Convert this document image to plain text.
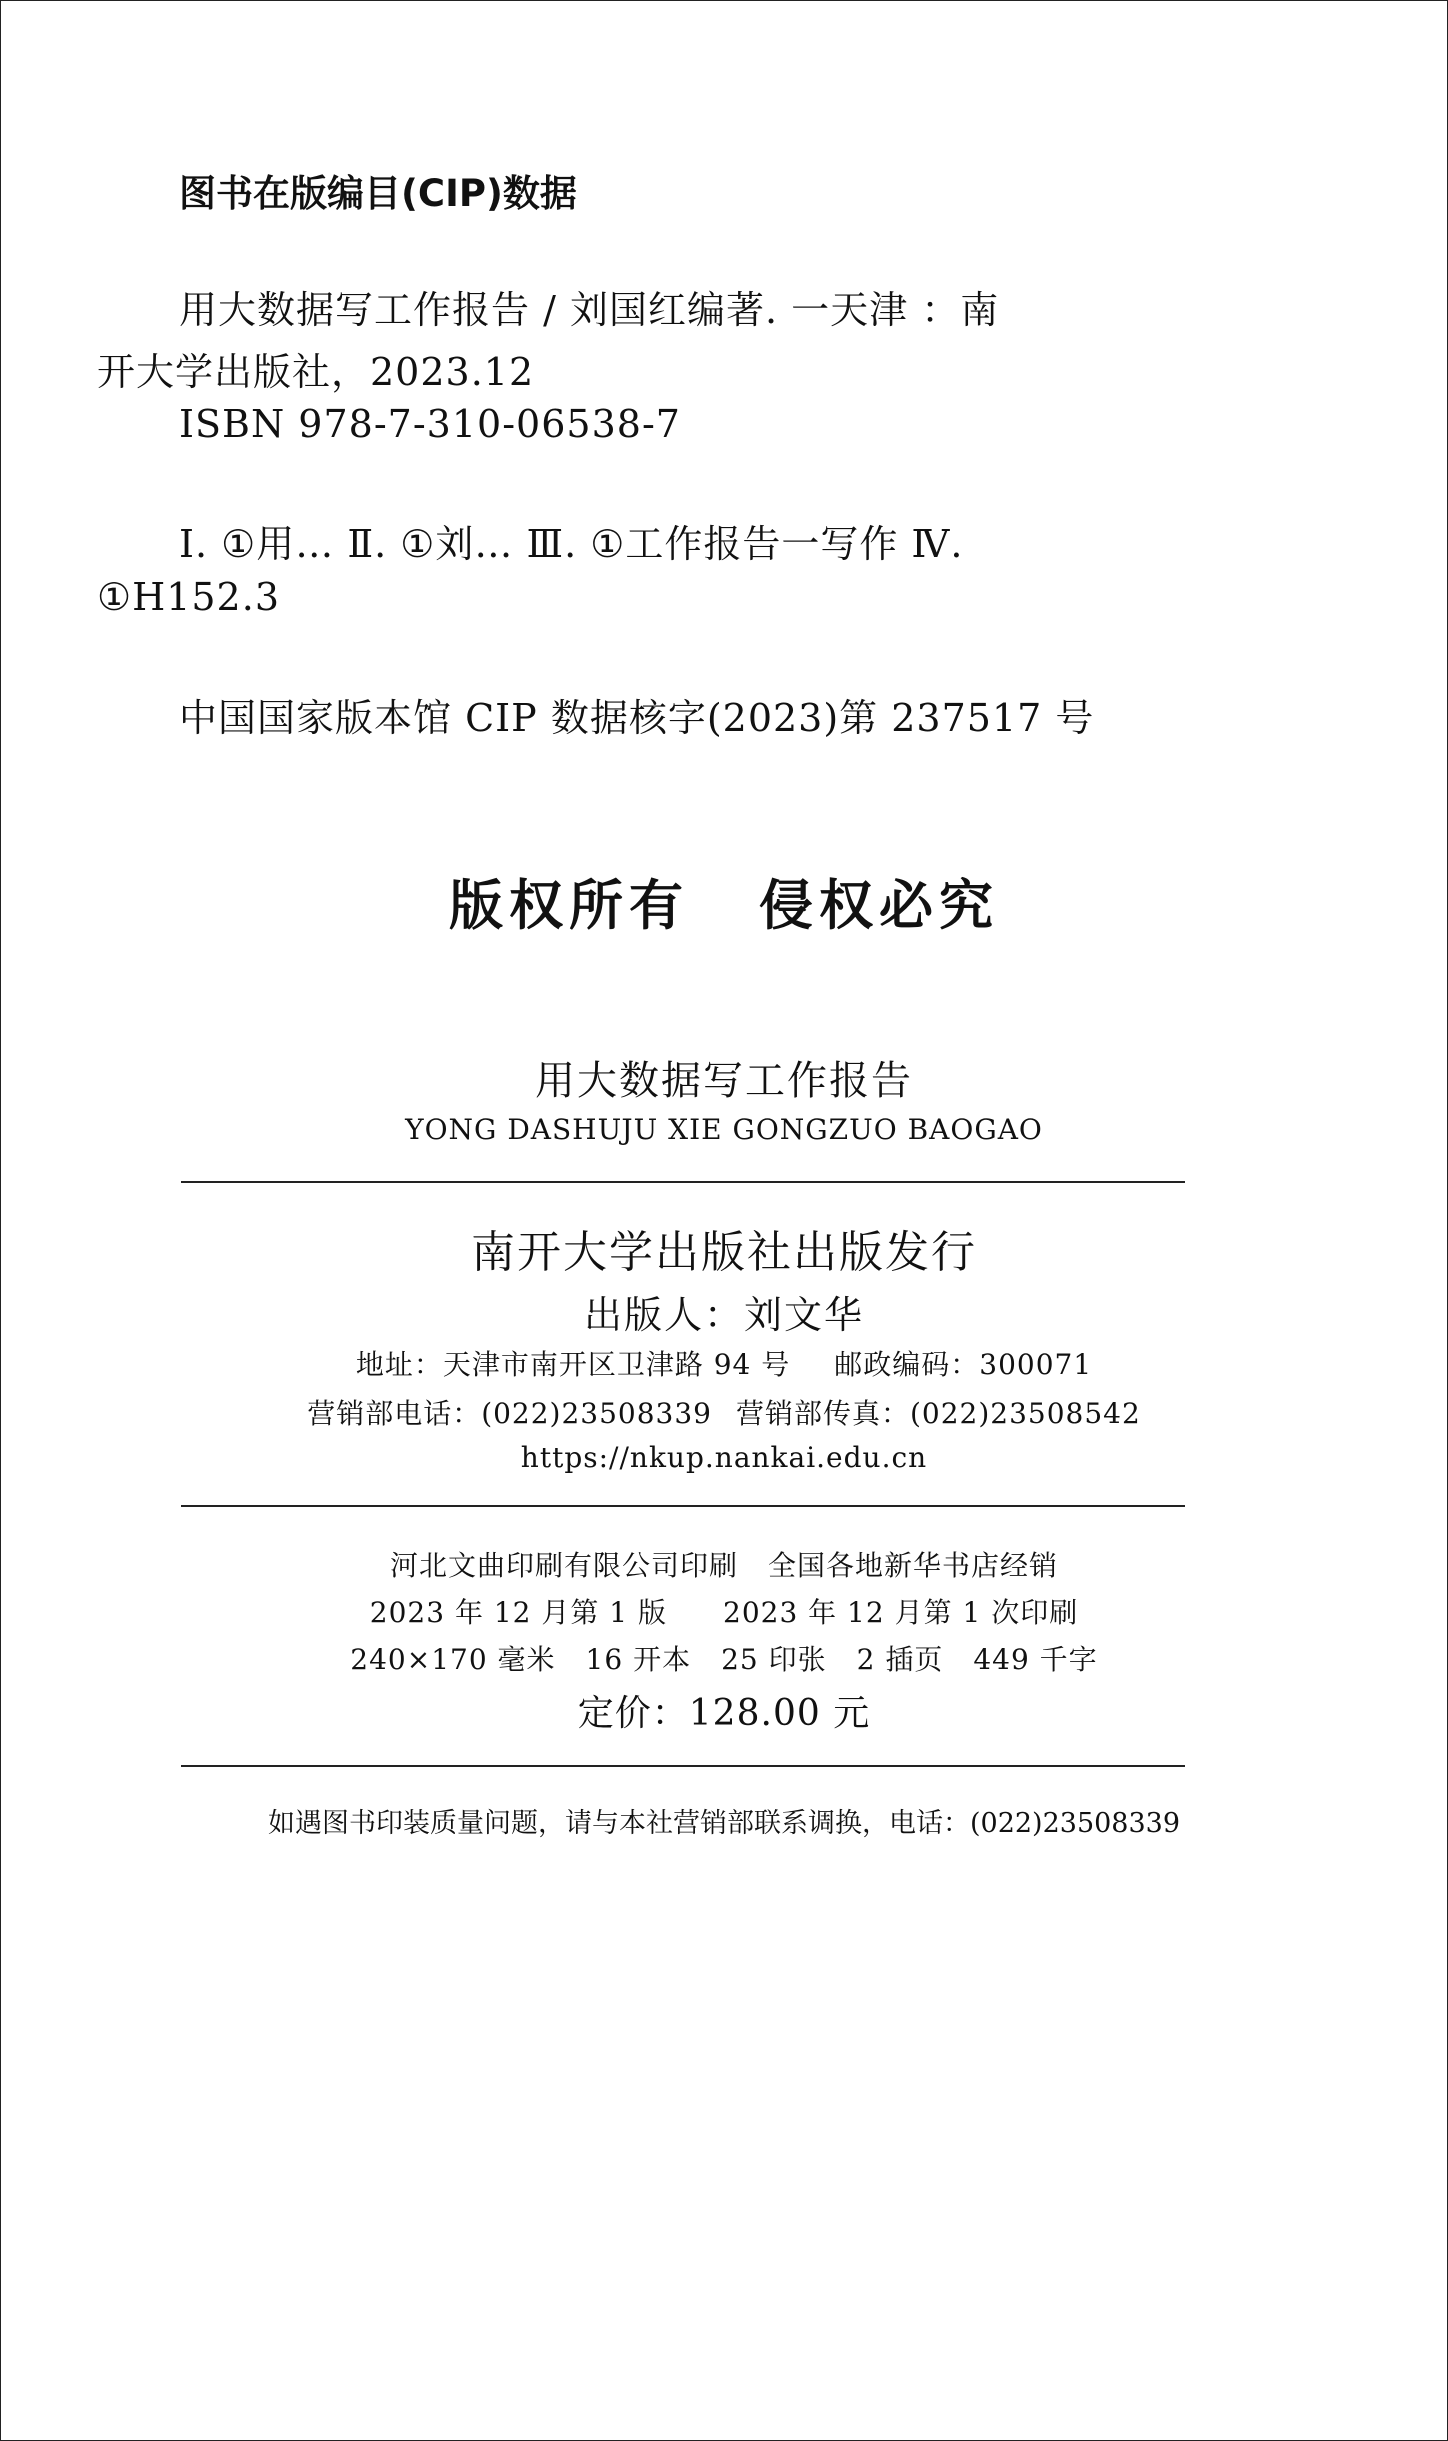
图书在版编目(CIP)数据

用大数据写工作报告 / 刘国红编著. 一天津 ：南

开大学出版社，2023.12

ISBN 978-7-310-06538-7

Ⅰ. ①用… Ⅱ. ①刘… Ⅲ. ①工作报告一写作 Ⅳ.

①H152.3

中国国家版本馆 CIP 数据核字(2023)第 237517 号

版权所有 侵权必究

用大数据写工作报告

YONG DASHUJU XIE GONGZUO BAOGAO

南开大学出版社出版发行

出版人：刘文华

地址：天津市南开区卫津路 94 号 邮政编码：300071

营销部电话：(022)23508339 营销部传真：(022)23508542

https://nkup.nankai.edu.cn

河北文曲印刷有限公司印刷 全国各地新华书店经销

2023 年 12 月第 1 版 2023 年 12 月第 1 次印刷

240×170 毫米 16 开本 25 印张 2 插页 449 千字

定价：128.00 元

如遇图书印装质量问题，请与本社营销部联系调换，电话：(022)23508339
